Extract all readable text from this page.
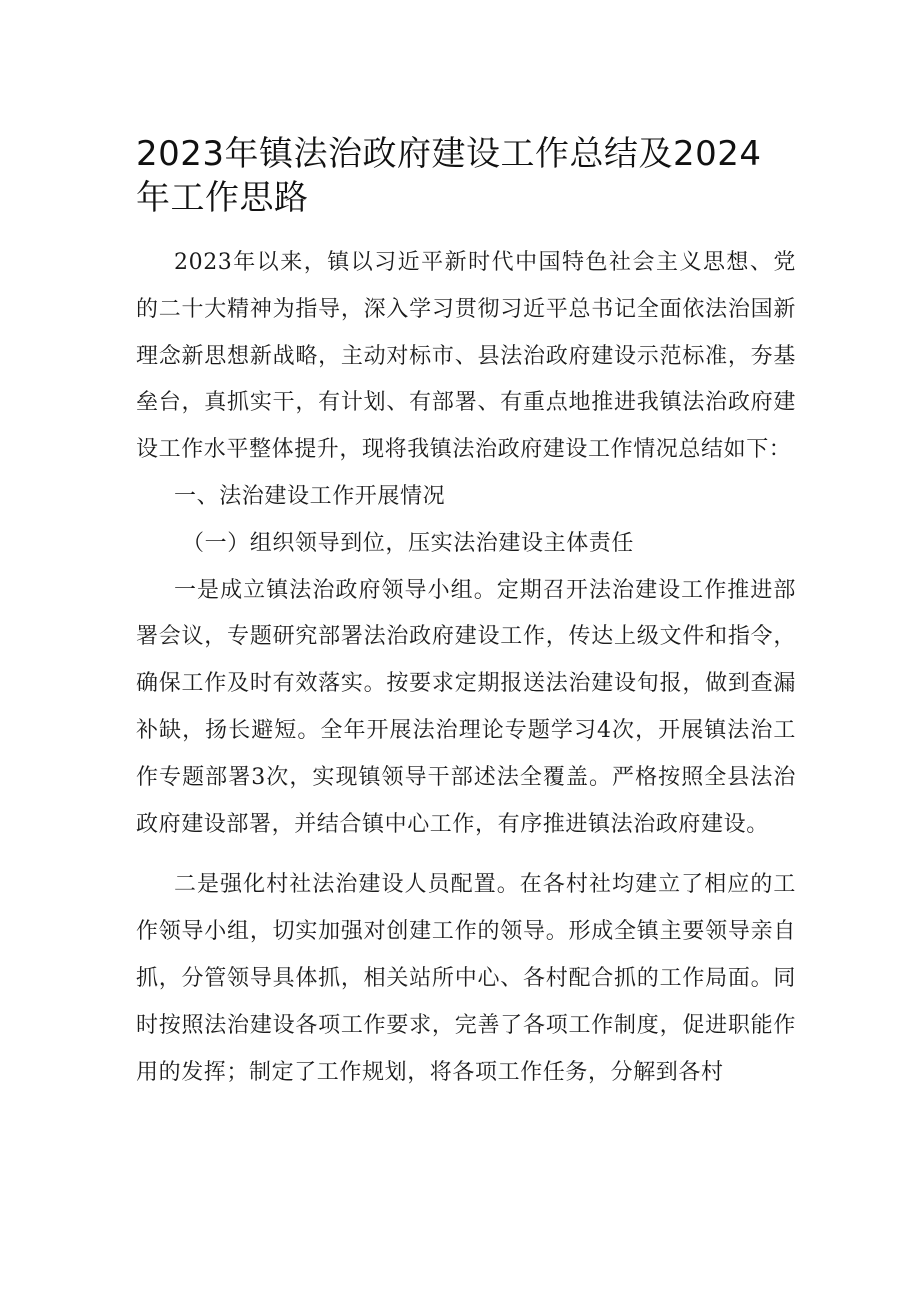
2023年镇法治政府建设工作总结及2024年工作思路

2023年以来，镇以习近平新时代中国特色社会主义思想、党的二十大精神为指导，深入学习贯彻习近平总书记全面依法治国新理念新思想新战略，主动对标市、县法治政府建设示范标准，夯基垒台，真抓实干，有计划、有部署、有重点地推进我镇法治政府建设工作水平整体提升，现将我镇法治政府建设工作情况总结如下：

一、法治建设工作开展情况

（一）组织领导到位，压实法治建设主体责任

一是成立镇法治政府领导小组。定期召开法治建设工作推进部署会议，专题研究部署法治政府建设工作，传达上级文件和指令，确保工作及时有效落实。按要求定期报送法治建设旬报，做到查漏补缺，扬长避短。全年开展法治理论专题学习4次，开展镇法治工作专题部署3次，实现镇领导干部述法全覆盖。严格按照全县法治政府建设部署，并结合镇中心工作，有序推进镇法治政府建设。

二是强化村社法治建设人员配置。在各村社均建立了相应的工作领导小组，切实加强对创建工作的领导。形成全镇主要领导亲自抓，分管领导具体抓，相关站所中心、各村配合抓的工作局面。同时按照法治建设各项工作要求，完善了各项工作制度，促进职能作用的发挥；制定了工作规划，将各项工作任务，分解到各村
